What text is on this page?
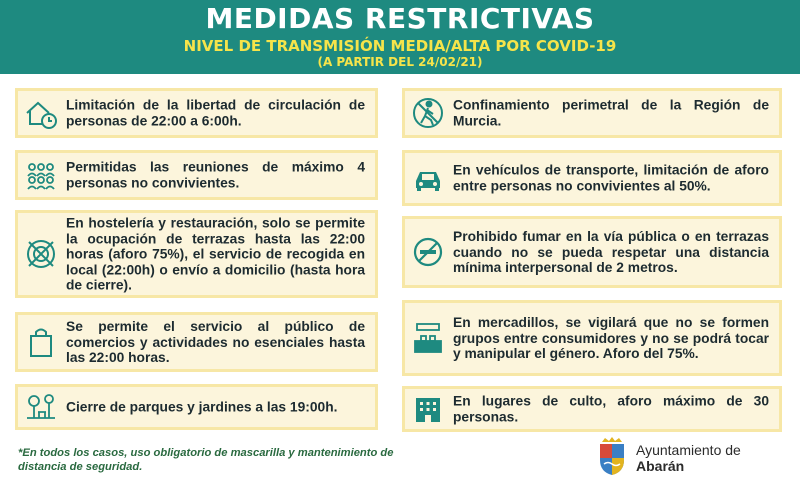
MEDIDAS RESTRICTIVAS
NIVEL DE TRANSMISIÓN MEDIA/ALTA POR COVID-19
(A PARTIR DEL 24/02/21)
Limitación de la libertad de circulación de personas de 22:00 a 6:00h.
Permitidas las reuniones de máximo 4 personas no convivientes.
En hostelería y restauración, solo se permite la ocupación de terrazas hasta las 22:00 horas (aforo 75%), el servicio de recogida en local (22:00h) o envío a domicilio (hasta hora de cierre).
Se permite el servicio al público de comercios y actividades no esenciales hasta las 22:00 horas.
Cierre de parques y jardines a las 19:00h.
Confinamiento perimetral de la Región de Murcia.
En vehículos de transporte, limitación de aforo entre personas no convivientes al 50%.
Prohibido fumar en la vía pública o en terrazas cuando no se pueda respetar una distancia mínima interpersonal de 2 metros.
En mercadillos, se vigilará que no se formen grupos entre consumidores y no se podrá tocar y manipular el género. Aforo del 75%.
En lugares de culto, aforo máximo de 30 personas.
*En todos los casos, uso obligatorio de mascarilla y mantenimiento de distancia de seguridad.
Ayuntamiento de
Abarán
